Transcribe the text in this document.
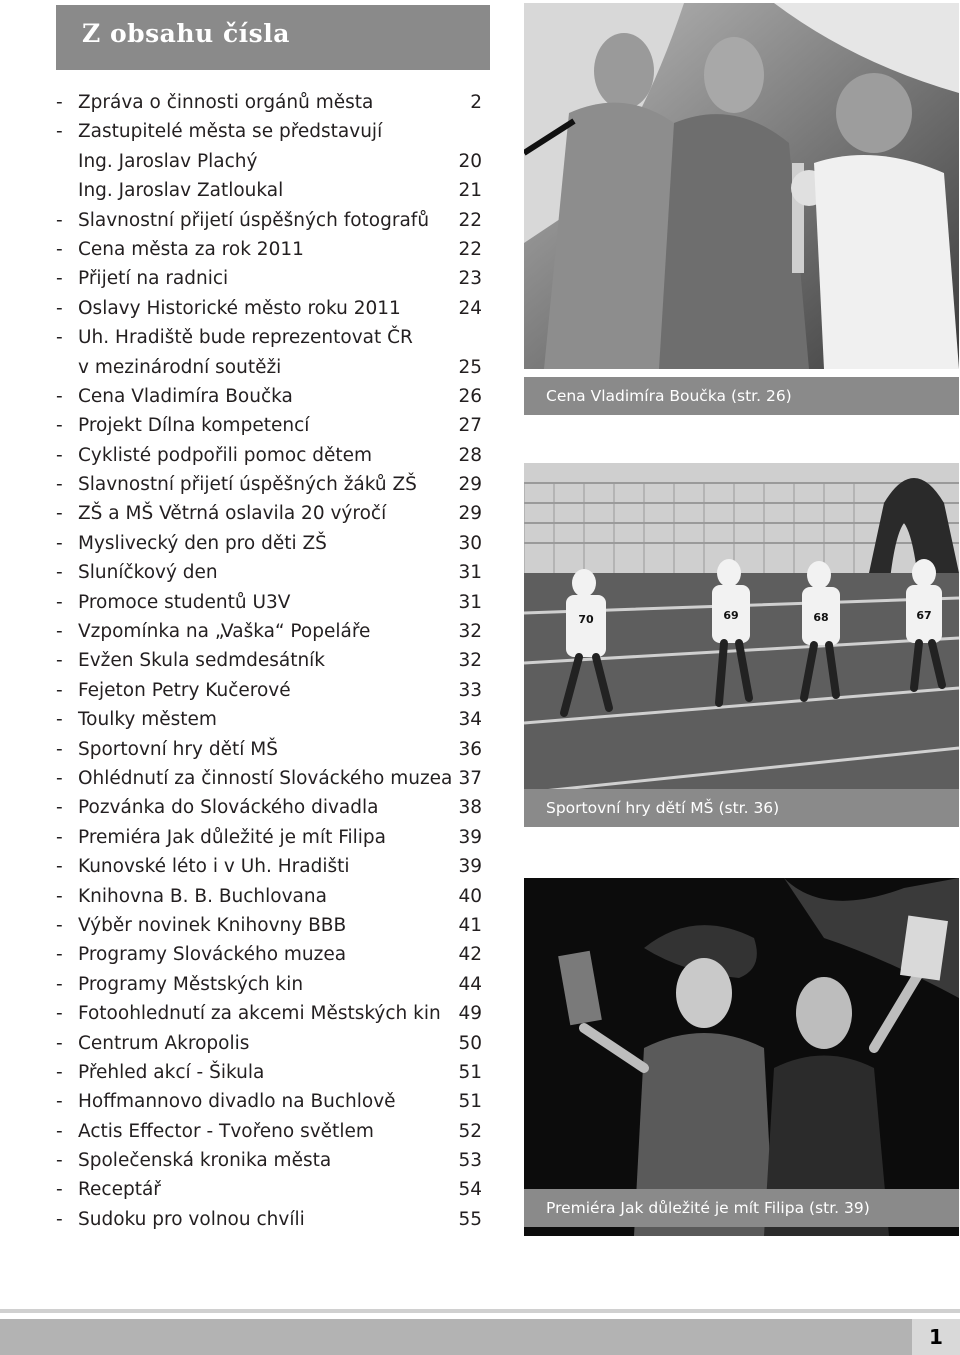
Z obsahu čísla
- Zpráva o činnosti orgánů města	2
- Zastupitelé města se představují
Ing. Jaroslav Plachý	20
Ing. Jaroslav Zatloukal	21
- Slavnostní přijetí úspěšných fotografů 22
- Cena města za rok 2011	22
- Přijetí na radnici	23
- Oslavy Historické město roku 2011	24
- Uh. Hradiště bude reprezentovat ČR
v mezinárodní soutěži	25
- Cena Vladimíra Boučka	26
- Projekt Dílna kompetencí	27
- Cyklisté podpořili pomoc dětem	28
- Slavnostní přijetí úspěšných žáků ZŠ 29
- ZŠ a MŠ Větrná oslavila 20 výročí	29
- Myslivecký den pro děti ZŠ	30
- Sluníčkový den	31
- Promoce studentů U3V	31
- Vzpomínka na „Vaška“ Popeláře	32
- Evžen Skula sedmdesátník	32
- Fejeton Petry Kučerové	33
- Toulky městem	34
- Sportovní hry dětí MŠ	36
- Ohlédnutí za činností Slováckého muzea 37
- Pozvánka do Slováckého divadla	38
- Premiéra Jak důležité je mít Filipa	39
- Kunovské léto i v Uh. Hradišti	39
- Knihovna B. B. Buchlovana	40
- Výběr novinek Knihovny BBB	41
- Programy Slováckého muzea	42
- Programy Městských kin	44
- Fotoohlednutí za akcemi Městských kin 49
- Centrum Akropolis	50
- Přehled akcí - Šikula	51
- Hoffmannovo divadlo na Buchlově	51
- Actis Effector - Tvořeno světlem	52
- Společenská kronika města	53
- Receptář	54
- Sudoku pro volnou chvíli	55
Cena Vladimíra Boučka (str. 26)
70	69	68	67
Sportovní hry dětí MŠ (str. 36)
Premiéra Jak důležité je mít Filipa (str. 39)
1
